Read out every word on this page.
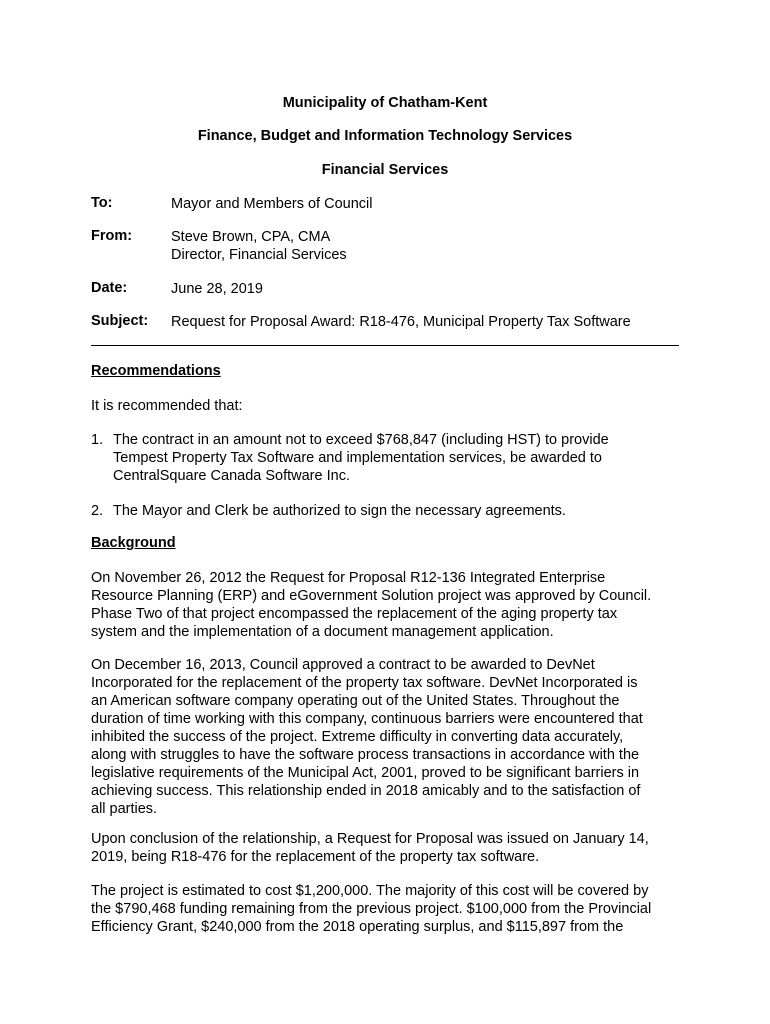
Municipality of Chatham-Kent
Finance, Budget and Information Technology Services
Financial Services
To:	Mayor and Members of Council
From:	Steve Brown, CPA, CMA
Director, Financial Services
Date:	June 28, 2019
Subject: Request for Proposal Award: R18-476, Municipal Property Tax Software
Recommendations
It is recommended that:
1. The contract in an amount not to exceed $768,847 (including HST) to provide
Tempest Property Tax Software and implementation services, be awarded to
CentralSquare Canada Software Inc.
2. The Mayor and Clerk be authorized to sign the necessary agreements.
Background
On November 26, 2012 the Request for Proposal R12-136 Integrated Enterprise
Resource Planning (ERP) and eGovernment Solution project was approved by Council.
Phase Two of that project encompassed the replacement of the aging property tax
system and the implementation of a document management application.
On December 16, 2013, Council approved a contract to be awarded to DevNet
Incorporated for the replacement of the property tax software. DevNet Incorporated is
an American software company operating out of the United States. Throughout the
duration of time working with this company, continuous barriers were encountered that
inhibited the success of the project. Extreme difficulty in converting data accurately,
along with struggles to have the software process transactions in accordance with the
legislative requirements of the Municipal Act, 2001, proved to be significant barriers in
achieving success. This relationship ended in 2018 amicably and to the satisfaction of
all parties.
Upon conclusion of the relationship, a Request for Proposal was issued on January 14,
2019, being R18-476 for the replacement of the property tax software.
The project is estimated to cost $1,200,000. The majority of this cost will be covered by
the $790,468 funding remaining from the previous project. $100,000 from the Provincial
Efficiency Grant, $240,000 from the 2018 operating surplus, and $115,897 from the
